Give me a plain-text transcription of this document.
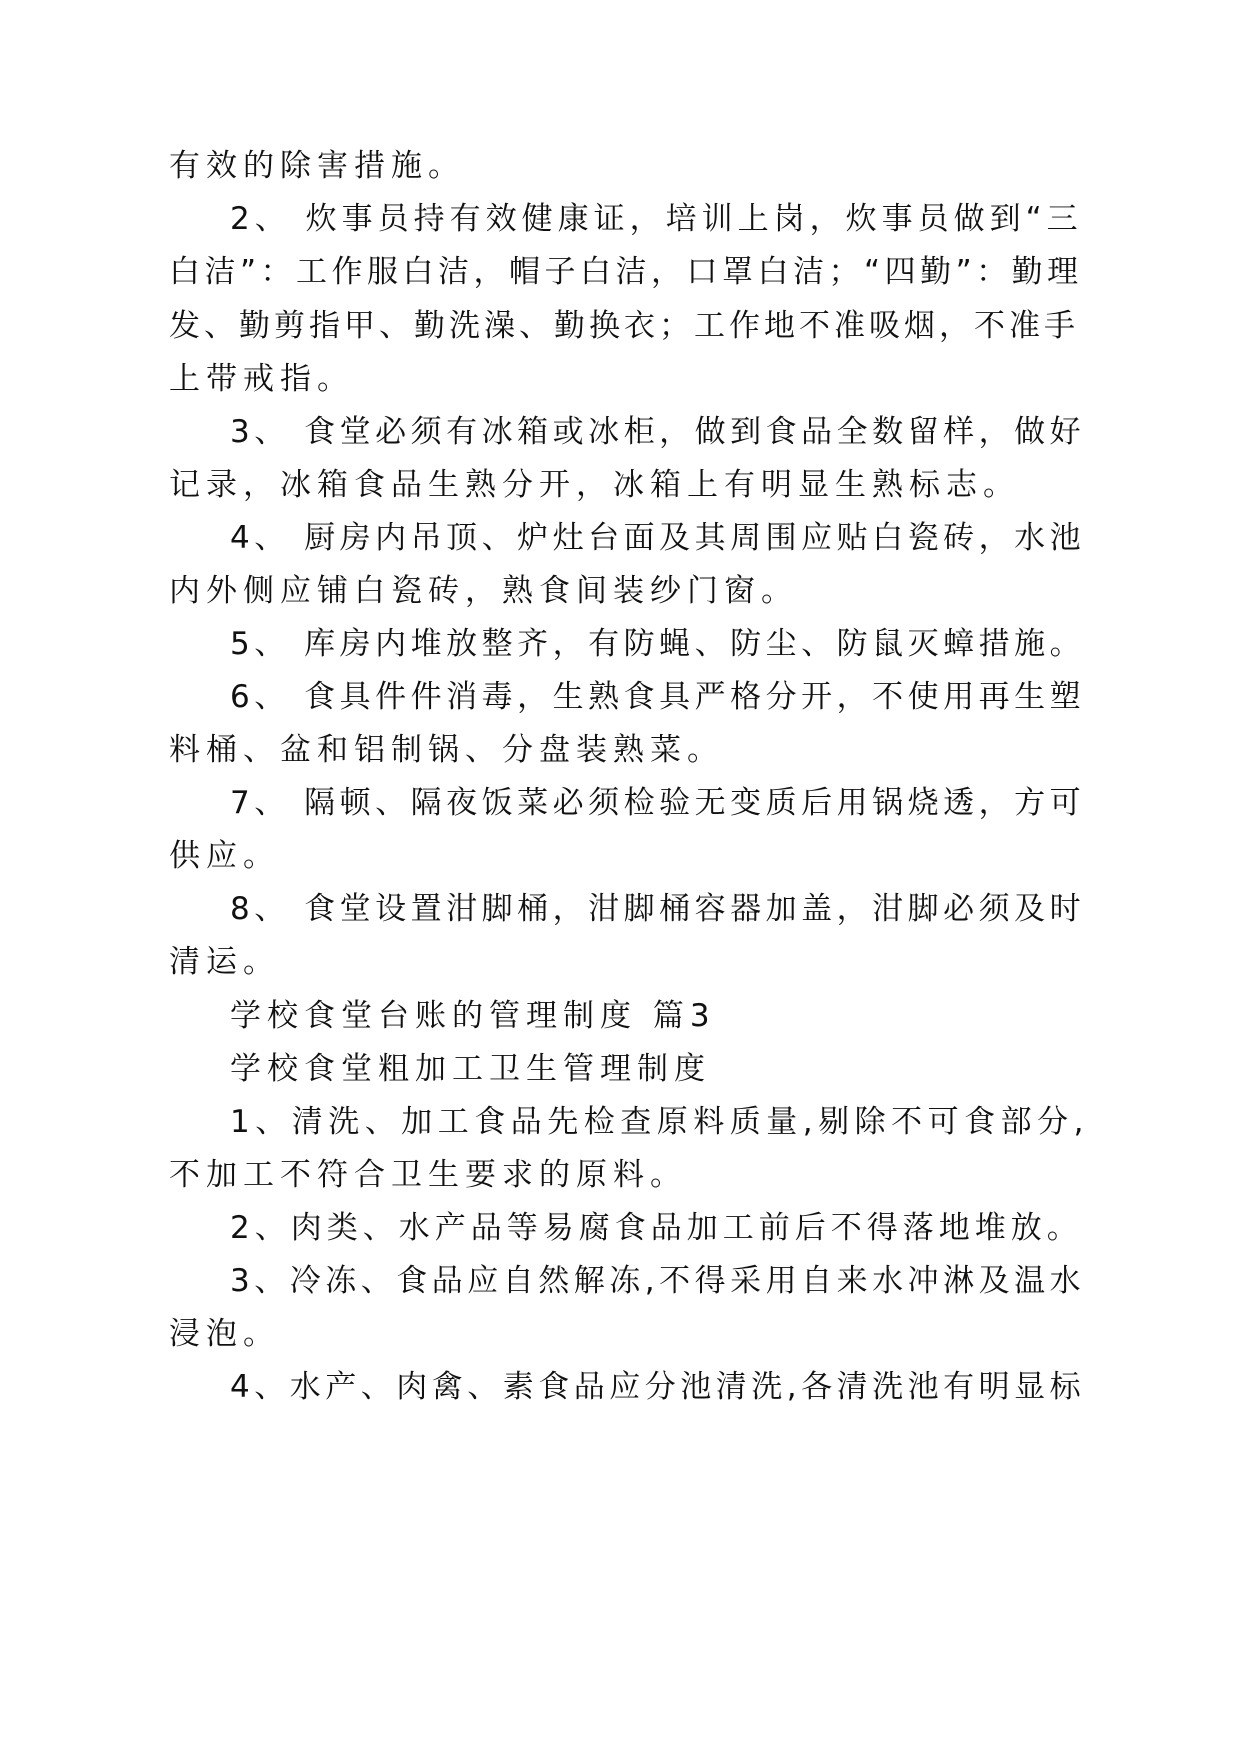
有效的除害措施。
2、 炊事员持有效健康证，培训上岗，炊事员做到“三
白洁”：工作服白洁，帽子白洁，口罩白洁；“四勤”：勤理
发、勤剪指甲、勤洗澡、勤换衣；工作地不准吸烟，不准手
上带戒指。
3、 食堂必须有冰箱或冰柜，做到食品全数留样，做好
记录，冰箱食品生熟分开，冰箱上有明显生熟标志。
4、 厨房内吊顶、炉灶台面及其周围应贴白瓷砖，水池
内外侧应铺白瓷砖，熟食间装纱门窗。
5、 库房内堆放整齐，有防蝇、防尘、防鼠灭蟑措施。
6、 食具件件消毒，生熟食具严格分开，不使用再生塑
料桶、盆和铝制锅、分盘装熟菜。
7、 隔顿、隔夜饭菜必须检验无变质后用锅烧透，方可
供应。
8、 食堂设置泔脚桶，泔脚桶容器加盖，泔脚必须及时
清运。
学校食堂台账的管理制度 篇3
学校食堂粗加工卫生管理制度
1、清洗、加工食品先检查原料质量,剔除不可食部分,
不加工不符合卫生要求的原料。
2、肉类、水产品等易腐食品加工前后不得落地堆放。
3、冷冻、食品应自然解冻,不得采用自来水冲淋及温水
浸泡。
4、水产、肉禽、素食品应分池清洗,各清洗池有明显标
